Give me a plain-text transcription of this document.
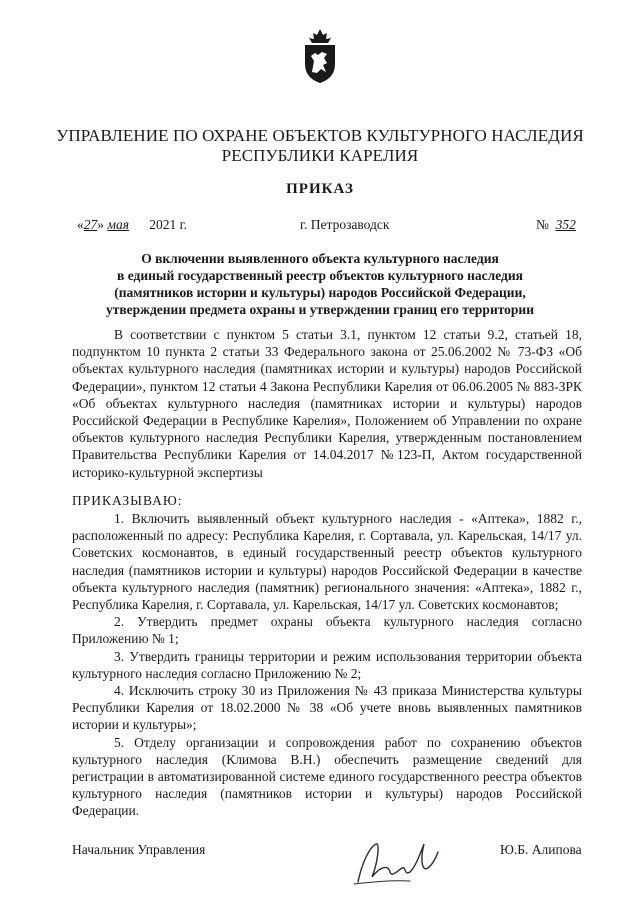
УПРАВЛЕНИЕ ПО ОХРАНЕ ОБЪЕКТОВ КУЛЬТУРНОГО НАСЛЕДИЯ
РЕСПУБЛИКИ КАРЕЛИЯ
ПРИКАЗ
«27» мая 2021 г.	г. Петрозаводск	№ 352
О включении выявленного объекта культурного наследия
в единый государственный реестр объектов культурного наследия
(памятников истории и культуры) народов Российской Федерации,
утверждении предмета охраны и утверждении границ его территории
В соответствии с пунктом 5 статьи 3.1, пунктом 12 статьи 9.2, статьей 18, подпунктом 10 пункта 2 статьи 33 Федерального закона от 25.06.2002 № 73-ФЗ «Об объектах культурного наследия (памятниках истории и культуры) народов Российской Федерации», пунктом 12 статьи 4 Закона Республики Карелия от 06.06.2005 № 883-ЗРК «Об объектах культурного наследия (памятниках истории и культуры) народов Российской Федерации в Республике Карелия», Положением об Управлении по охране объектов культурного наследия Республики Карелия, утвержденным постановлением Правительства Республики Карелия от 14.04.2017 №123-П, Актом государственной историко-культурной экспертизы
ПРИКАЗЫВАЮ:

1. Включить выявленный объект культурного наследия - «Аптека», 1882 г., расположенный по адресу: Республика Карелия, г. Сортавала, ул. Карельская, 14/17 ул. Советских космонавтов, в единый государственный реестр объектов культурного наследия (памятников истории и культуры) народов Российской Федерации в качестве объекта культурного наследия (памятник) регионального значения: «Аптека», 1882 г., Республика Карелия, г. Сортавала, ул. Карельская, 14/17 ул. Советских космонавтов;

2. Утвердить предмет охраны объекта культурного наследия согласно Приложению № 1;

3. Утвердить границы территории и режим использования территории объекта культурного наследия согласно Приложению № 2;

4. Исключить строку 30 из Приложения № 43 приказа Министерства культуры Республики Карелия от 18.02.2000 № 38 «Об учете вновь выявленных памятников истории и культуры»;

5. Отделу организации и сопровождения работ по сохранению объектов культурного наследия (Климова В.Н.) обеспечить размещение сведений для регистрации в автоматизированной системе единого государственного реестра объектов культурного наследия (памятников истории и культуры) народов Российской Федерации.

Начальник Управления	Ю.Б. Алипова
